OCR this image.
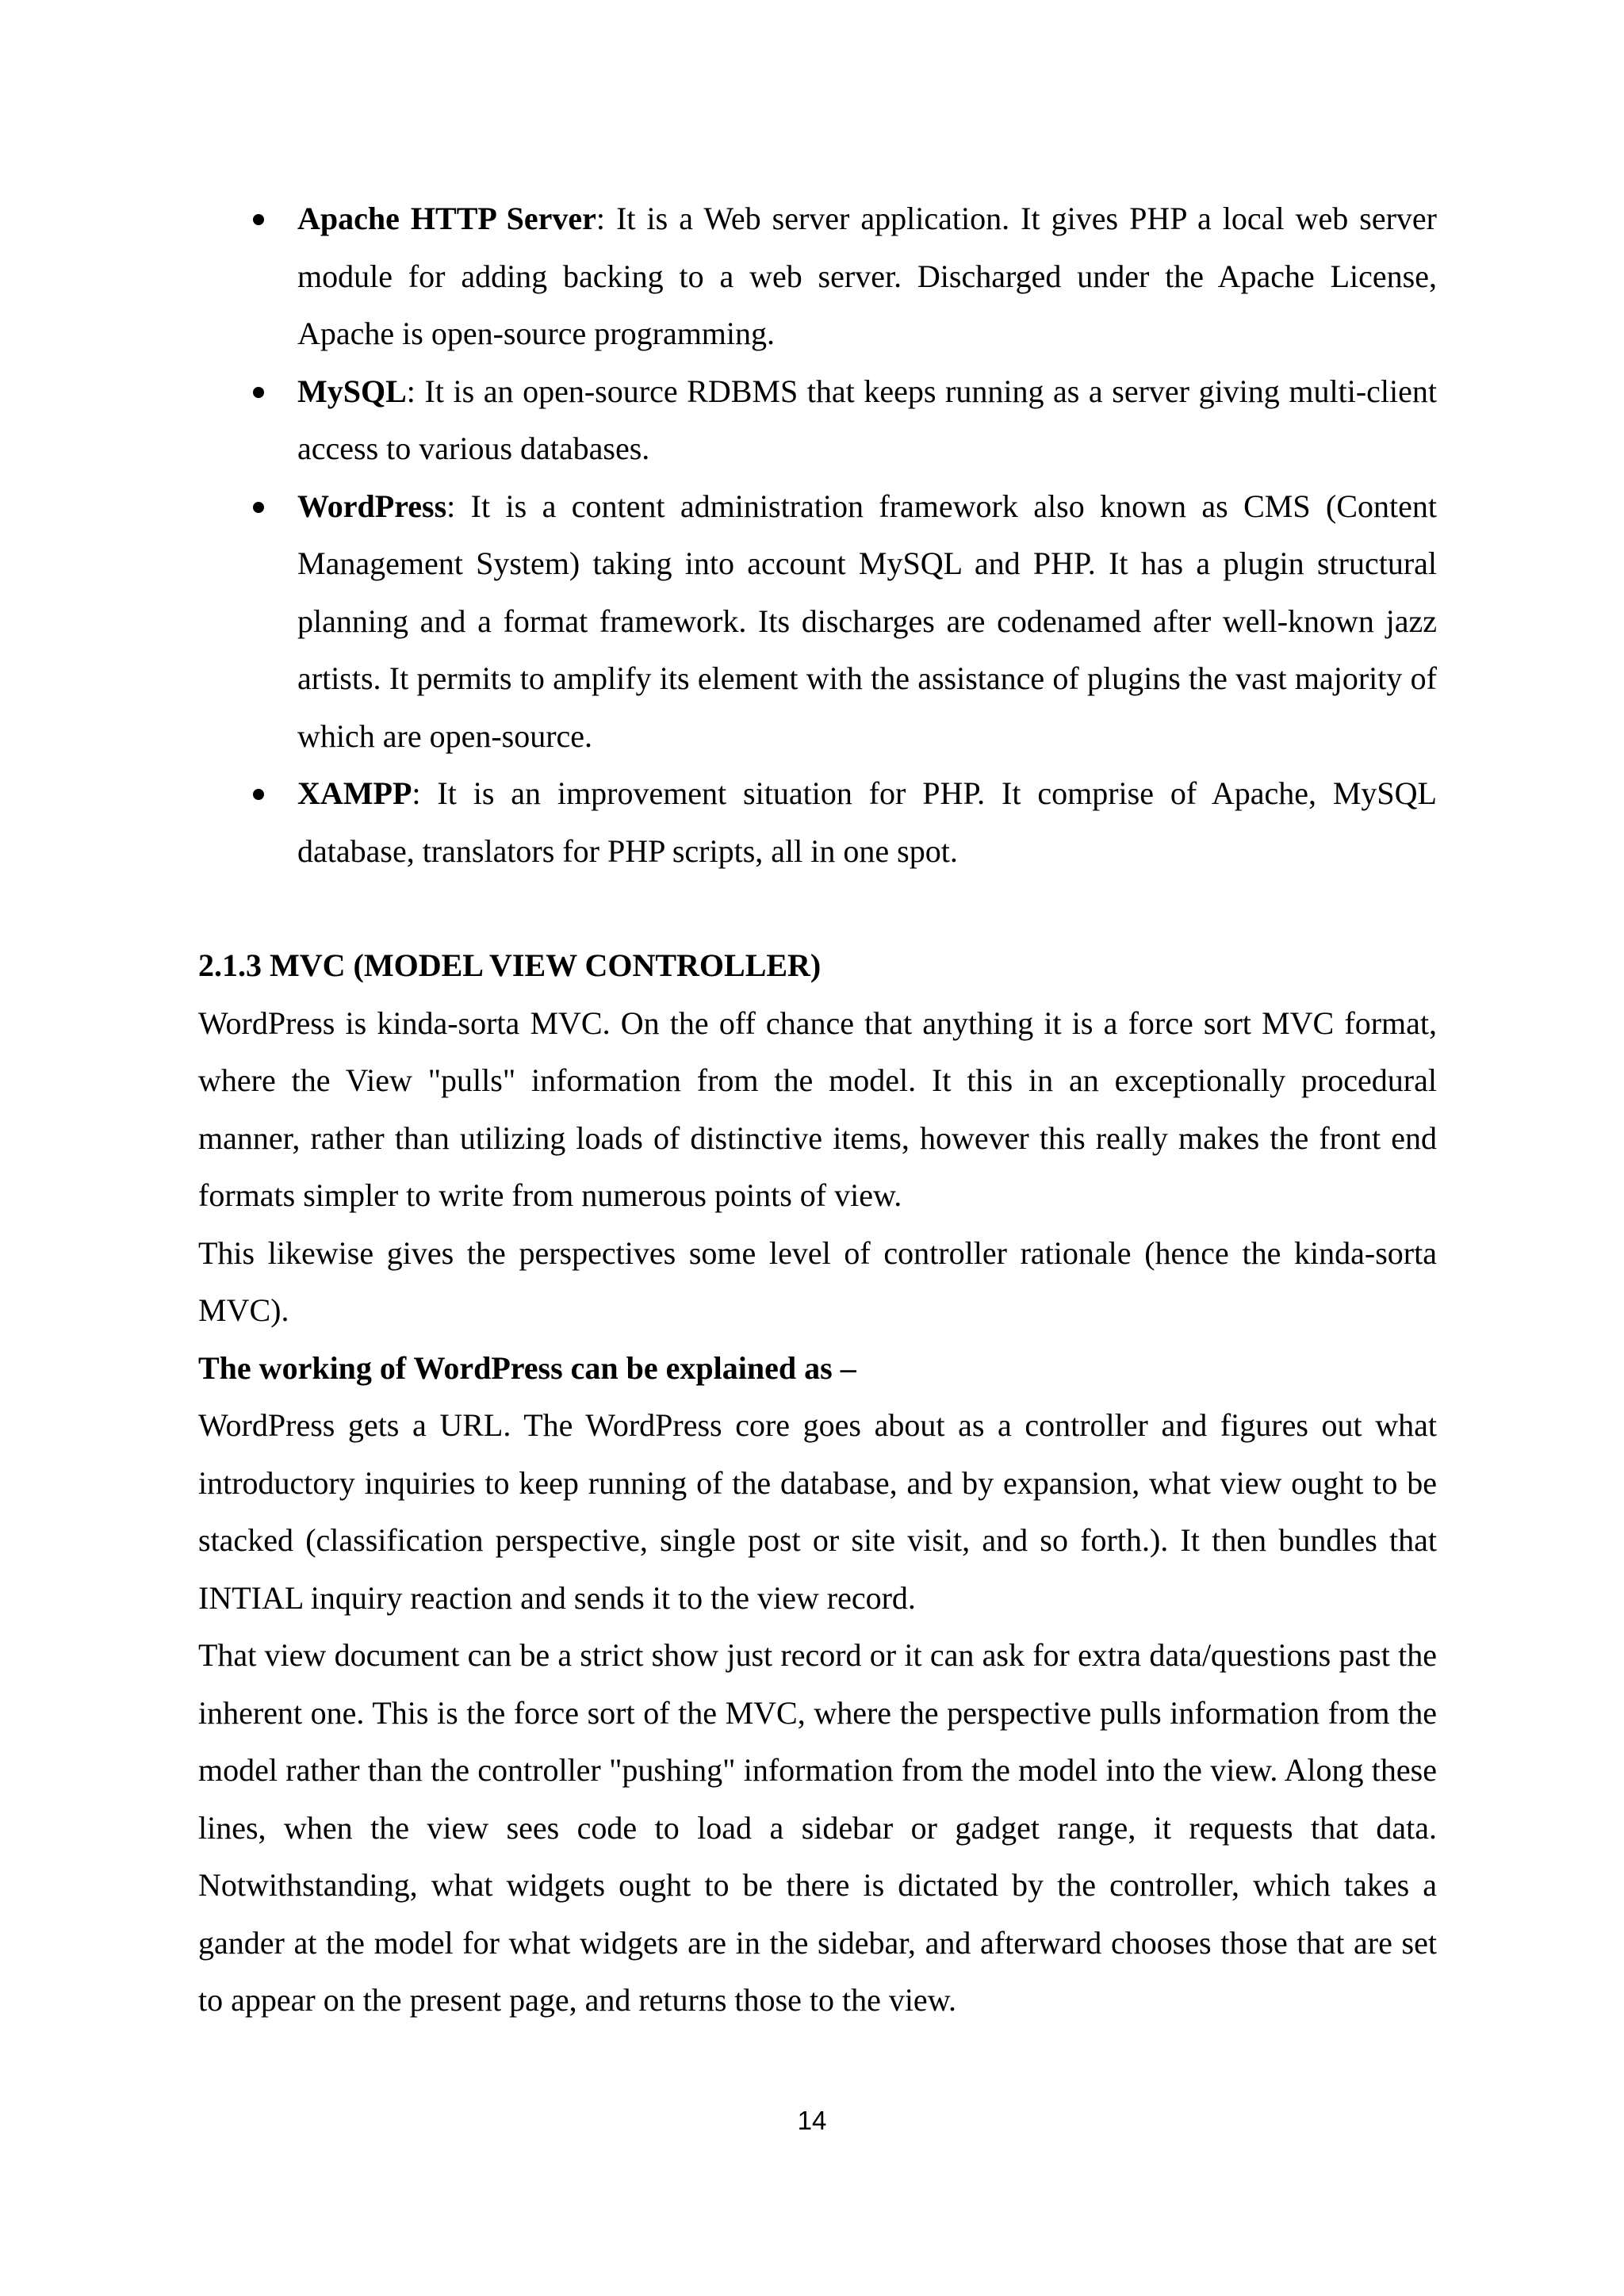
Apache HTTP Server: It is a Web server application. It gives PHP a local web server module for adding backing to a web server. Discharged under the Apache License, Apache is open-source programming.
MySQL: It is an open-source RDBMS that keeps running as a server giving multi-client access to various databases.
WordPress: It is a content administration framework also known as CMS (Content Management System) taking into account MySQL and PHP. It has a plugin structural planning and a format framework. Its discharges are codenamed after well-known jazz artists. It permits to amplify its element with the assistance of plugins the vast majority of which are open-source.
XAMPP: It is an improvement situation for PHP. It comprise of Apache, MySQL database, translators for PHP scripts, all in one spot.
2.1.3 MVC (MODEL VIEW CONTROLLER)

WordPress is kinda-sorta MVC. On the off chance that anything it is a force sort MVC format, where the View "pulls" information from the model. It this in an exceptionally procedural manner, rather than utilizing loads of distinctive items, however this really makes the front end formats simpler to write from numerous points of view.

This likewise gives the perspectives some level of controller rationale (hence the kinda-sorta MVC).

The working of WordPress can be explained as –

WordPress gets a URL. The WordPress core goes about as a controller and figures out what introductory inquiries to keep running of the database, and by expansion, what view ought to be stacked (classification perspective, single post or site visit, and so forth.). It then bundles that INTIAL inquiry reaction and sends it to the view record.

That view document can be a strict show just record or it can ask for extra data/questions past the inherent one. This is the force sort of the MVC, where the perspective pulls information from the model rather than the controller "pushing" information from the model into the view. Along these lines, when the view sees code to load a sidebar or gadget range, it requests that data. Notwithstanding, what widgets ought to be there is dictated by the controller, which takes a gander at the model for what widgets are in the sidebar, and afterward chooses those that are set to appear on the present page, and returns those to the view.

14
